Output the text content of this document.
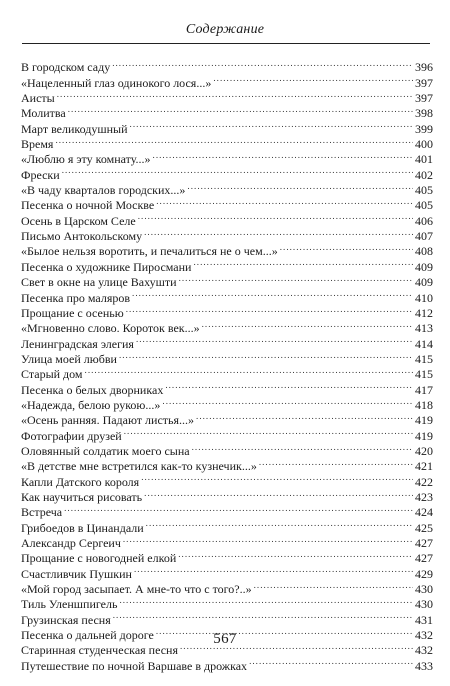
Содержание
В городском саду . . .	396
«Нацеленный глаз одинокого лося...» . . .	397
Аисты . . .	397
Молитва . . .	398
Март великодушный . . .	399
Время . . .	400
«Люблю я эту комнату...» . . .	401
Фрески . . .	402
«В чаду кварталов городских...» . . .	405
Песенка о ночной Москве . . .	405
Осень в Царском Селе . . .	406
Письмо Антокольскому . . .	407
«Былое нельзя воротить, и печалиться не о чем...» . . .	408
Песенка о художнике Пиросмани . . .	409
Свет в окне на улице Вахушти . . .	409
Песенка про маляров . . .	410
Прощание с осенью . . .	412
«Мгновенно слово. Короток век...» . . .	413
Ленинградская элегия . . .	414
Улица моей любви . . .	415
Старый дом . . .	415
Песенка о белых дворниках . . .	417
«Надежда, белою рукою...» . . .	418
«Осень ранняя. Падают листья...» . . .	419
Фотографии друзей . . .	419
Оловянный солдатик моего сына . . .	420
«В детстве мне встретился как-то кузнечик...» . . .	421
Капли Датского короля . . .	422
Как научиться рисовать . . .	423
Встреча . . .	424
Грибоедов в Цинандали . . .	425
Александр Сергеич . . .	427
Прощание с новогодней елкой . . .	427
Счастливчик Пушкин . . .	429
«Мой город засыпает. А мне-то что с того?..» . . .	430
Тиль Уленшпигель . . .	430
Грузинская песня . . .	431
Песенка о дальней дороге . . .	432
Старинная студенческая песня . . .	432
Путешествие по ночной Варшаве в дрожках . . .	433
567
